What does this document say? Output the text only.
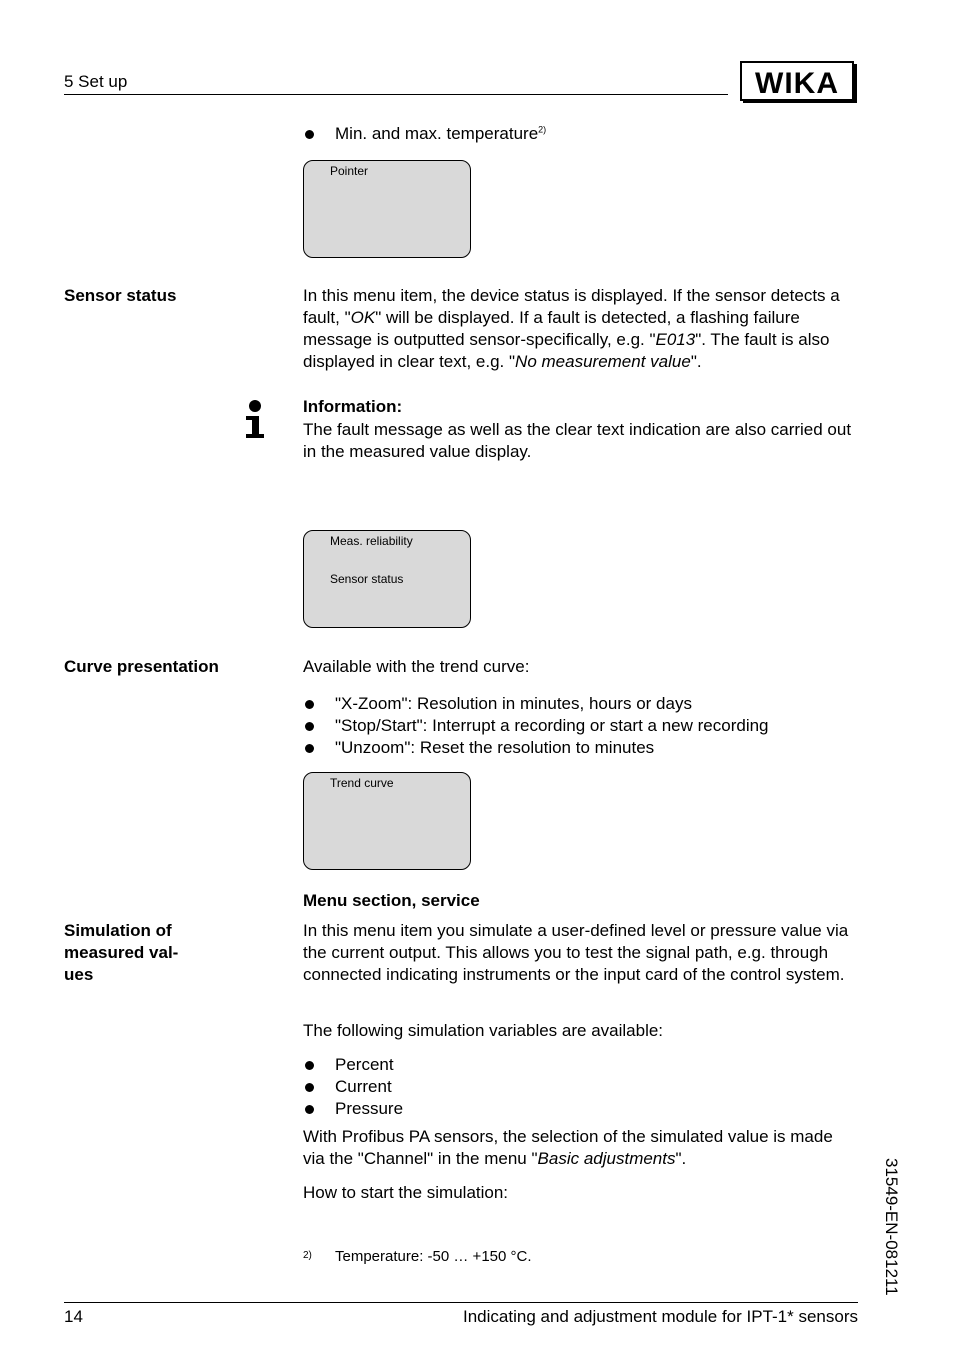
5 Set up	WIKA
Min. and max. temperature$^{2)}$
Pointer
Sensor status	In this menu item, the device status is displayed. If the sensor detects a fault, "OK" will be displayed. If a fault is detected, a flashing failure message is outputted sensor-specifically, e.g. "E013". The fault is also displayed in clear text, e.g. "No measurement value".

Information:

The fault message as well as the clear text indication are also carried out in the measured value display.

Meas. reliability
Sensor status
Curve presentation	Available with the trend curve:

"X-Zoom": Resolution in minutes, hours or days
"Stop/Start": Interrupt a recording or start a new recording
"Unzoom": Reset the resolution to minutes
Trend curve
Menu section, service
Simulation of
measured val-
ues

In this menu item you simulate a user-defined level or pressure value via the current output. This allows you to test the signal path, e.g. through connected indicating instruments or the input card of the control system.

The following simulation variables are available:

Percent
Current
Pressure

With Profibus PA sensors, the selection of the simulated value is made via the "Channel" in the menu "Basic adjustments".

How to start the simulation:

2) Temperature: -50 … +150 °C.	31549-EN-081211
14	Indicating and adjustment module for IPT-1* sensors
